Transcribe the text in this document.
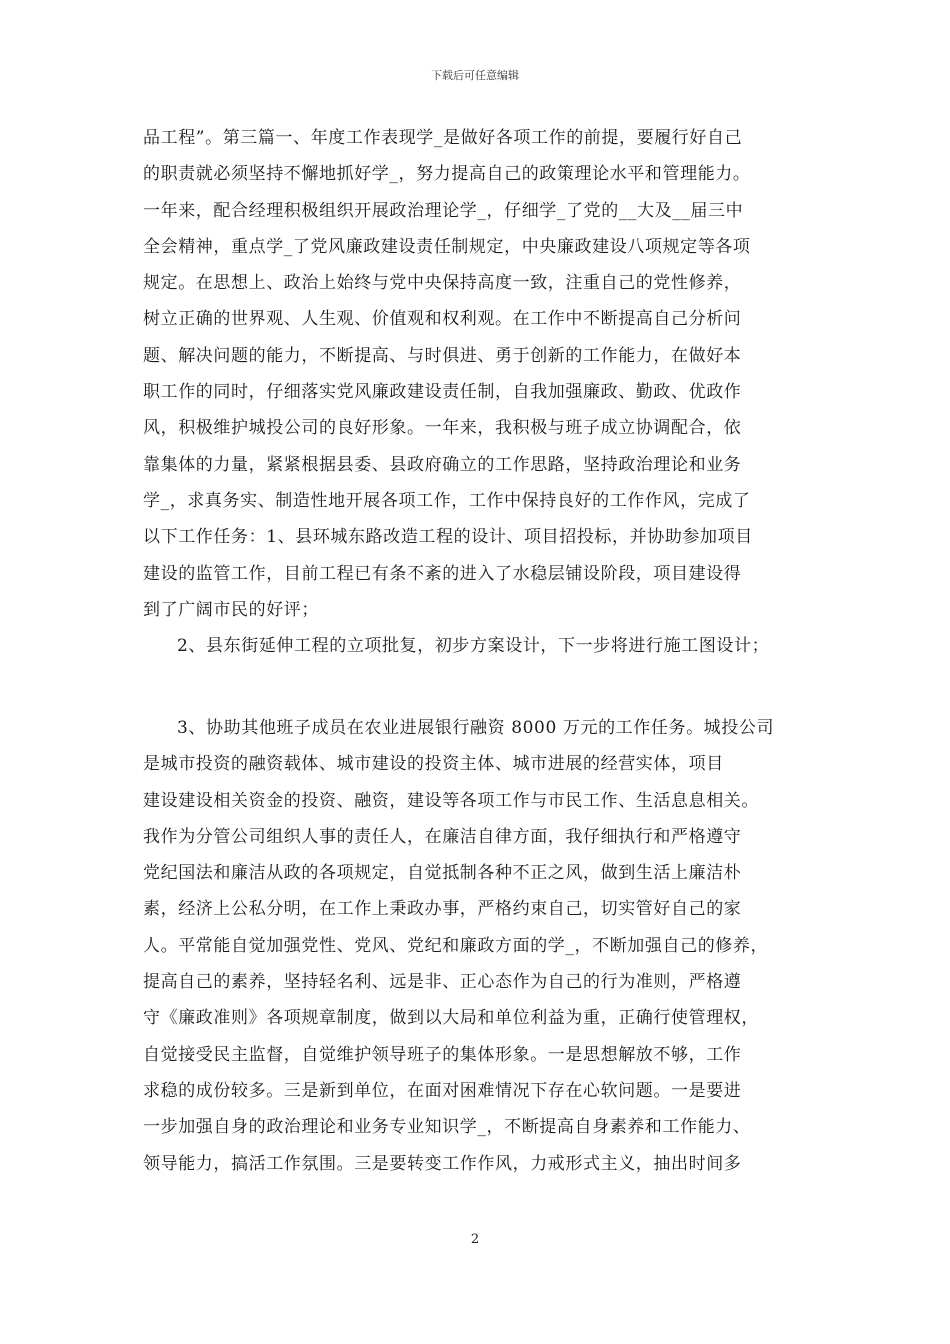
下载后可任意编辑
品工程”。第三篇一、年度工作表现学_是做好各项工作的前提，要履行好自己
的职责就必须坚持不懈地抓好学_，努力提高自己的政策理论水平和管理能力。
一年来，配合经理积极组织开展政治理论学_，仔细学_了党的__大及__届三中
全会精神，重点学_了党风廉政建设责任制规定，中央廉政建设八项规定等各项
规定。在思想上、政治上始终与党中央保持高度一致，注重自己的党性修养，
树立正确的世界观、人生观、价值观和权利观。在工作中不断提高自己分析问
题、解决问题的能力，不断提高、与时俱进、勇于创新的工作能力，在做好本
职工作的同时，仔细落实党风廉政建设责任制，自我加强廉政、勤政、优政作
风，积极维护城投公司的良好形象。一年来，我积极与班子成立协调配合，依
靠集体的力量，紧紧根据县委、县政府确立的工作思路，坚持政治理论和业务
学_，求真务实、制造性地开展各项工作，工作中保持良好的工作作风，完成了
以下工作任务：1、县环城东路改造工程的设计、项目招投标，并协助参加项目
建设的监管工作，目前工程已有条不紊的进入了水稳层铺设阶段，项目建设得
到了广阔市民的好评；
2、县东街延伸工程的立项批复，初步方案设计，下一步将进行施工图设计；
3、协助其他班子成员在农业进展银行融资 8000 万元的工作任务。城投公司
是城市投资的融资载体、城市建设的投资主体、城市进展的经营实体，项目
建设建设相关资金的投资、融资，建设等各项工作与市民工作、生活息息相关。
我作为分管公司组织人事的责任人，在廉洁自律方面，我仔细执行和严格遵守
党纪国法和廉洁从政的各项规定，自觉抵制各种不正之风，做到生活上廉洁朴
素，经济上公私分明，在工作上秉政办事，严格约束自己，切实管好自己的家
人。平常能自觉加强党性、党风、党纪和廉政方面的学_，不断加强自己的修养，
提高自己的素养，坚持轻名利、远是非、正心态作为自己的行为准则，严格遵
守《廉政准则》各项规章制度，做到以大局和单位利益为重，正确行使管理权，
自觉接受民主监督，自觉维护领导班子的集体形象。一是思想解放不够，工作
求稳的成份较多。三是新到单位，在面对困难情况下存在心软问题。一是要进
一步加强自身的政治理论和业务专业知识学_，不断提高自身素养和工作能力、
领导能力，搞活工作氛围。三是要转变工作作风，力戒形式主义，抽出时间多
2
